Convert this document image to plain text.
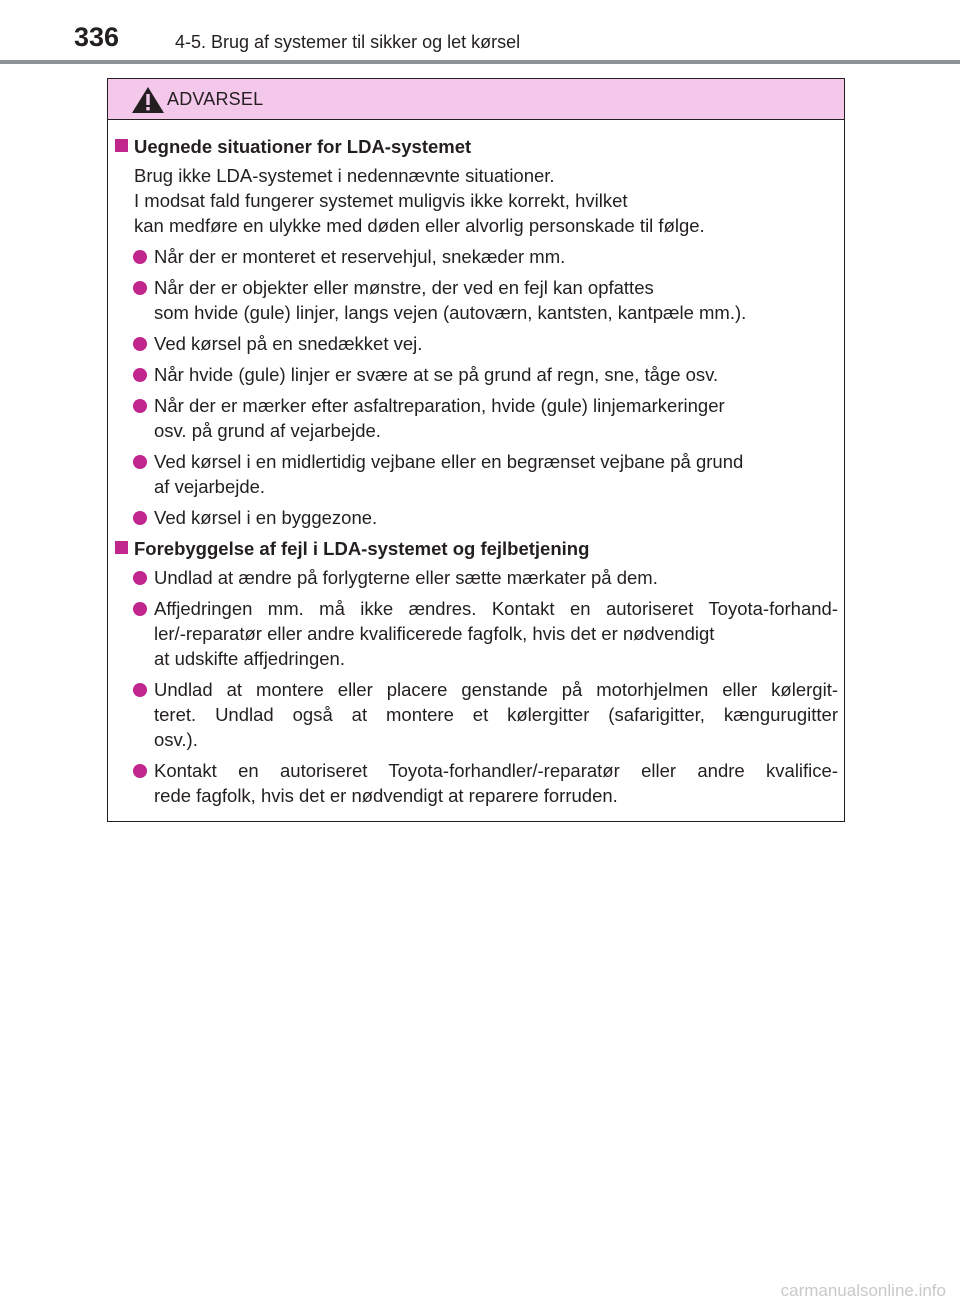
336	4-5. Brug af systemer til sikker og let kørsel
ADVARSEL
Uegnede situationer for LDA-systemet
Brug ikke LDA-systemet i nedennævnte situationer.
I modsat fald fungerer systemet muligvis ikke korrekt, hvilket
kan medføre en ulykke med døden eller alvorlig personskade til følge.
Når der er monteret et reservehjul, snekæder mm.
Når der er objekter eller mønstre, der ved en fejl kan opfattes
som hvide (gule) linjer, langs vejen (autoværn, kantsten, kantpæle mm.).
Ved kørsel på en snedækket vej.
Når hvide (gule) linjer er svære at se på grund af regn, sne, tåge osv.
Når der er mærker efter asfaltreparation, hvide (gule) linjemarkeringer
osv. på grund af vejarbejde.
Ved kørsel i en midlertidig vejbane eller en begrænset vejbane på grund
af vejarbejde.
Ved kørsel i en byggezone.
Forebyggelse af fejl i LDA-systemet og fejlbetjening
Undlad at ændre på forlygterne eller sætte mærkater på dem.
Affjedringen mm. må ikke ændres. Kontakt en autoriseret Toyota-forhand-
ler/-reparatør eller andre kvalificerede fagfolk, hvis det er nødvendigt
at udskifte affjedringen.
Undlad at montere eller placere genstande på motorhjelmen eller kølergit-
teret. Undlad også at montere et kølergitter (safarigitter, kængurugitter
osv.).
Kontakt en autoriseret Toyota-forhandler/-reparatør eller andre kvalifice-
rede fagfolk, hvis det er nødvendigt at reparere forruden.
carmanualsonline.info
